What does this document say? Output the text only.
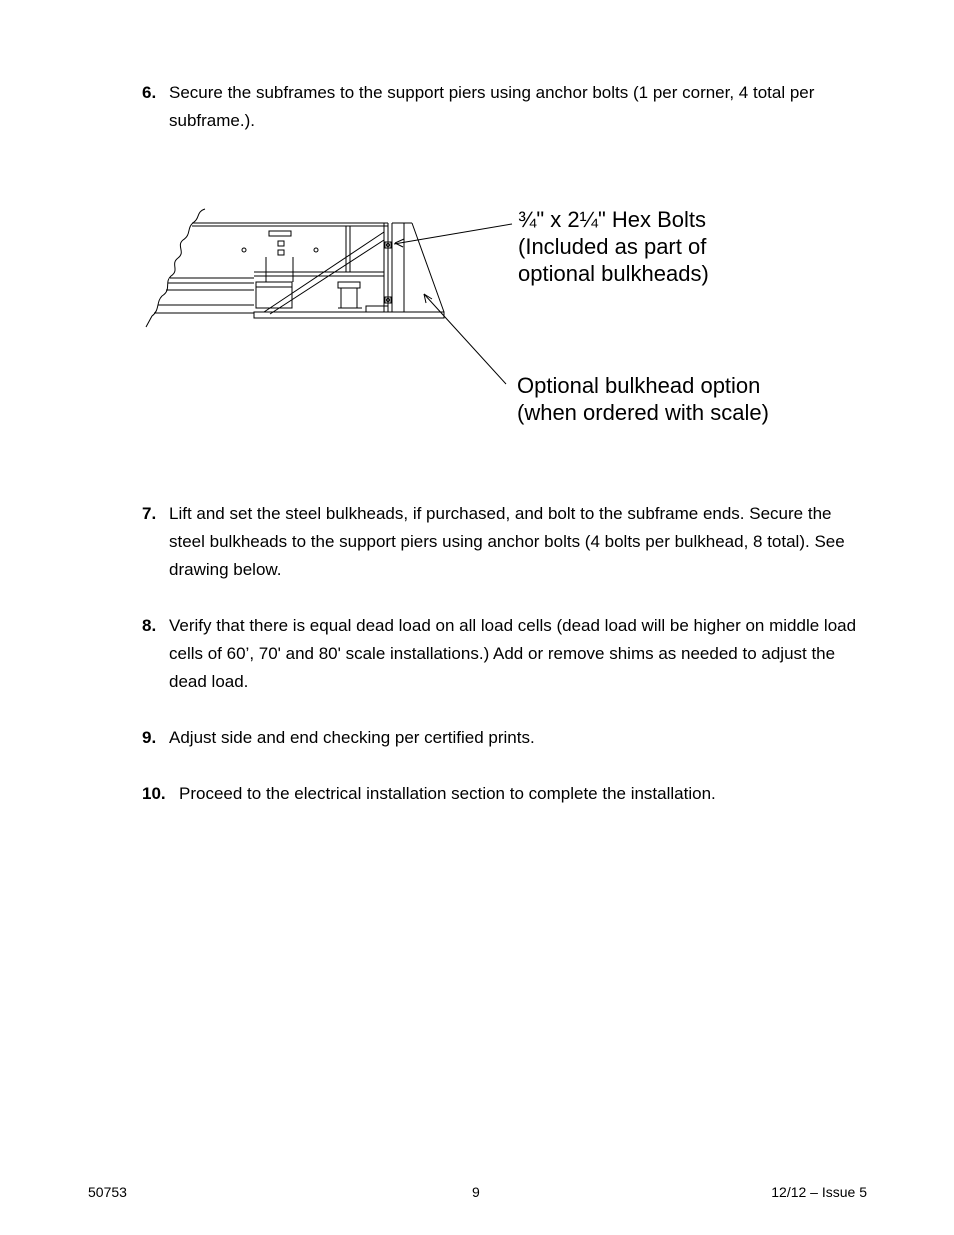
6. Secure the subframes to the support piers using anchor bolts (1 per corner, 4 total per subframe.).
¾" x 2¼" Hex Bolts
(Included as part of
optional bulkheads)
Optional bulkhead option
(when ordered with scale)
7. Lift and set the steel bulkheads, if purchased, and bolt to the subframe ends. Secure the steel bulkheads to the support piers using anchor bolts (4 bolts per bulkhead, 8 total). See drawing below.
8. Verify that there is equal dead load on all load cells (dead load will be higher on middle load cells of 60’, 70' and 80' scale installations.) Add or remove shims as needed to adjust the dead load.
9. Adjust side and end checking per certified prints.
10. Proceed to the electrical installation section to complete the installation.
50753	9	12/12 – Issue 5
